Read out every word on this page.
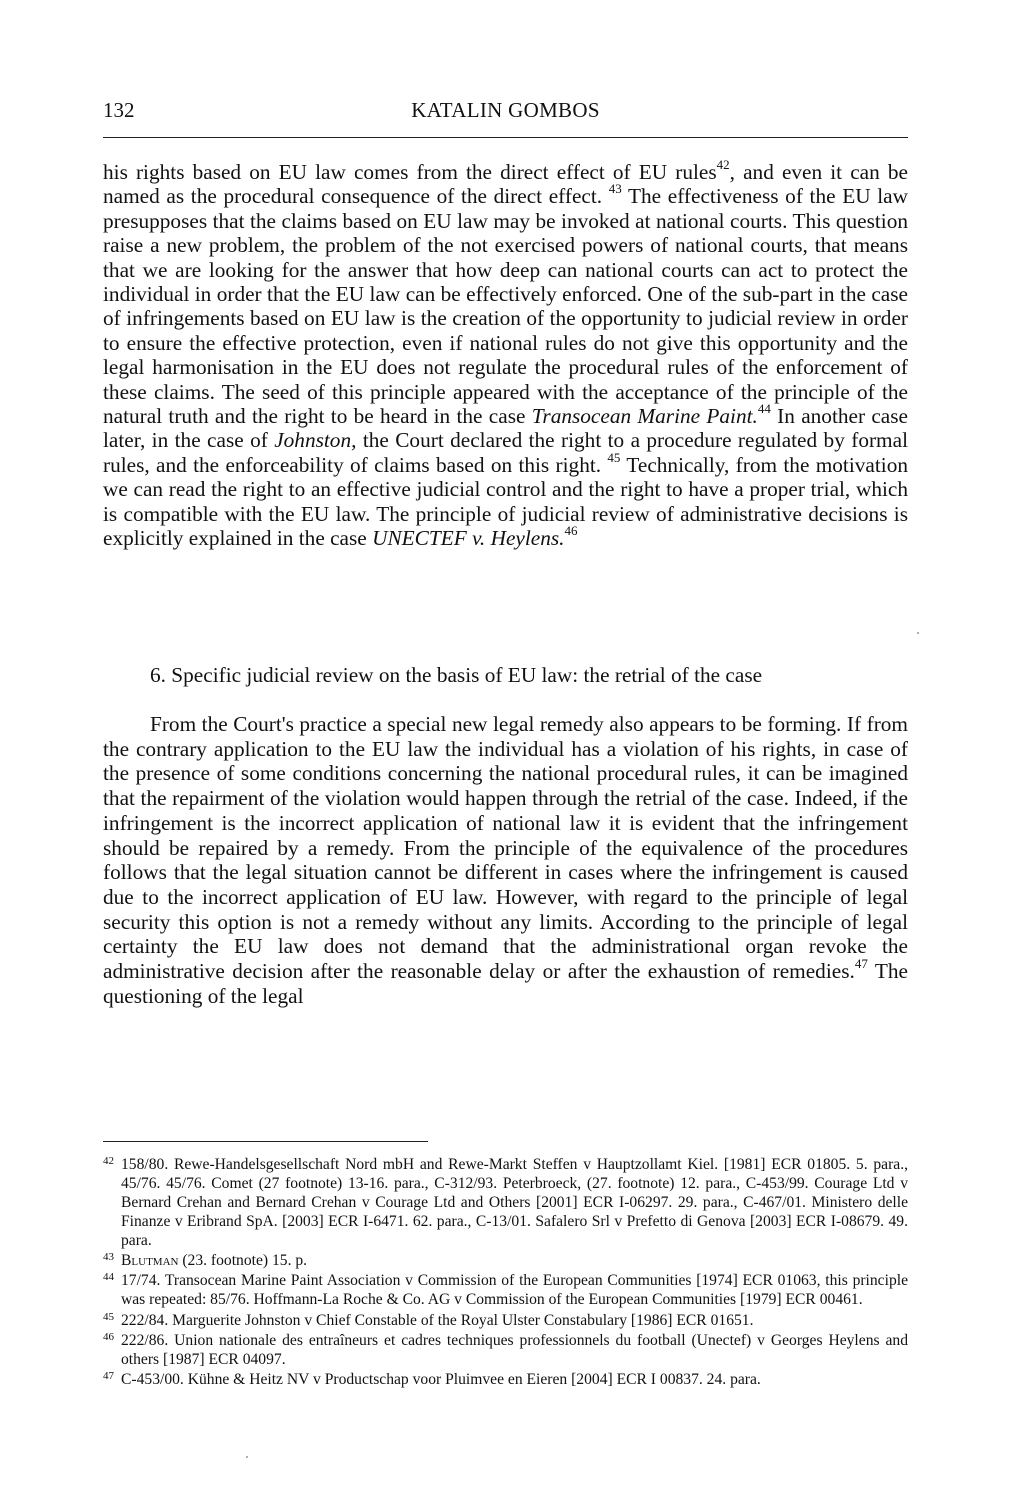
132	KATALIN GOMBOS

his rights based on EU law comes from the direct effect of EU rules$^{42}$, and even it can be named as the procedural consequence of the direct effect. $^{43}$ The effectiveness of the EU law presupposes that the claims based on EU law may be invoked at national courts. This question raise a new problem, the problem of the not exercised powers of national courts, that means that we are looking for the answer that how deep can national courts can act to protect the individual in order that the EU law can be effectively enforced. One of the sub-part in the case of infringements based on EU law is the creation of the opportunity to judicial review in order to ensure the effective protection, even if national rules do not give this opportunity and the legal harmonisation in the EU does not regulate the procedural rules of the enforcement of these claims. The seed of this principle appeared with the acceptance of the principle of the natural truth and the right to be heard in the case Transocean Marine Paint.$^{44}$ In another case later, in the case of Johnston, the Court declared the right to a procedure regulated by formal rules, and the enforceability of claims based on this right. $^{45}$ Technically, from the motivation we can read the right to an effective judicial control and the right to have a proper trial, which is compatible with the EU law. The principle of judicial review of administrative decisions is explicitly explained in the case UNECTEF v. Heylens.$^{46}$

6. Specific judicial review on the basis of EU law: the retrial of the case

From the Court's practice a special new legal remedy also appears to be forming. If from the contrary application to the EU law the individual has a violation of his rights, in case of the presence of some conditions concerning the national procedural rules, it can be imagined that the repairment of the violation would happen through the retrial of the case. Indeed, if the infringement is the incorrect application of national law it is evident that the infringement should be repaired by a remedy. From the principle of the equivalence of the procedures follows that the legal situation cannot be different in cases where the infringement is caused due to the incorrect application of EU law. However, with regard to the principle of legal security this option is not a remedy without any limits. According to the principle of legal certainty the EU law does not demand that the administrational organ revoke the administrative decision after the reasonable delay or after the exhaustion of remedies.$^{47}$ The questioning of the legal

42 158/80. Rewe-Handelsgesellschaft Nord mbH and Rewe-Markt Steffen v Hauptzollamt Kiel. [1981] ECR 01805. 5. para., 45/76. 45/76. Comet (27 footnote) 13-16. para., C-312/93. Peterbroeck, (27. footnote) 12. para., C-453/99. Courage Ltd v Bernard Crehan and Bernard Crehan v Courage Ltd and Others [2001] ECR I-06297. 29. para., C-467/01. Ministero delle Finanze v Eribrand SpA. [2003] ECR I-6471. 62. para., C-13/01. Safalero Srl v Prefetto di Genova [2003] ECR I-08679. 49. para.
43 Blutman (23. footnote) 15. p.
44 17/74. Transocean Marine Paint Association v Commission of the European Communities [1974] ECR 01063, this principle was repeated: 85/76. Hoffmann-La Roche & Co. AG v Commission of the European Communities [1979] ECR 00461.
45 222/84. Marguerite Johnston v Chief Constable of the Royal Ulster Constabulary [1986] ECR 01651.
46 222/86. Union nationale des entraîneurs et cadres techniques professionnels du football (Unectef) v Georges Heylens and others [1987] ECR 04097.
47 C-453/00. Kühne & Heitz NV v Productschap voor Pluimvee en Eieren [2004] ECR I 00837. 24. para.
